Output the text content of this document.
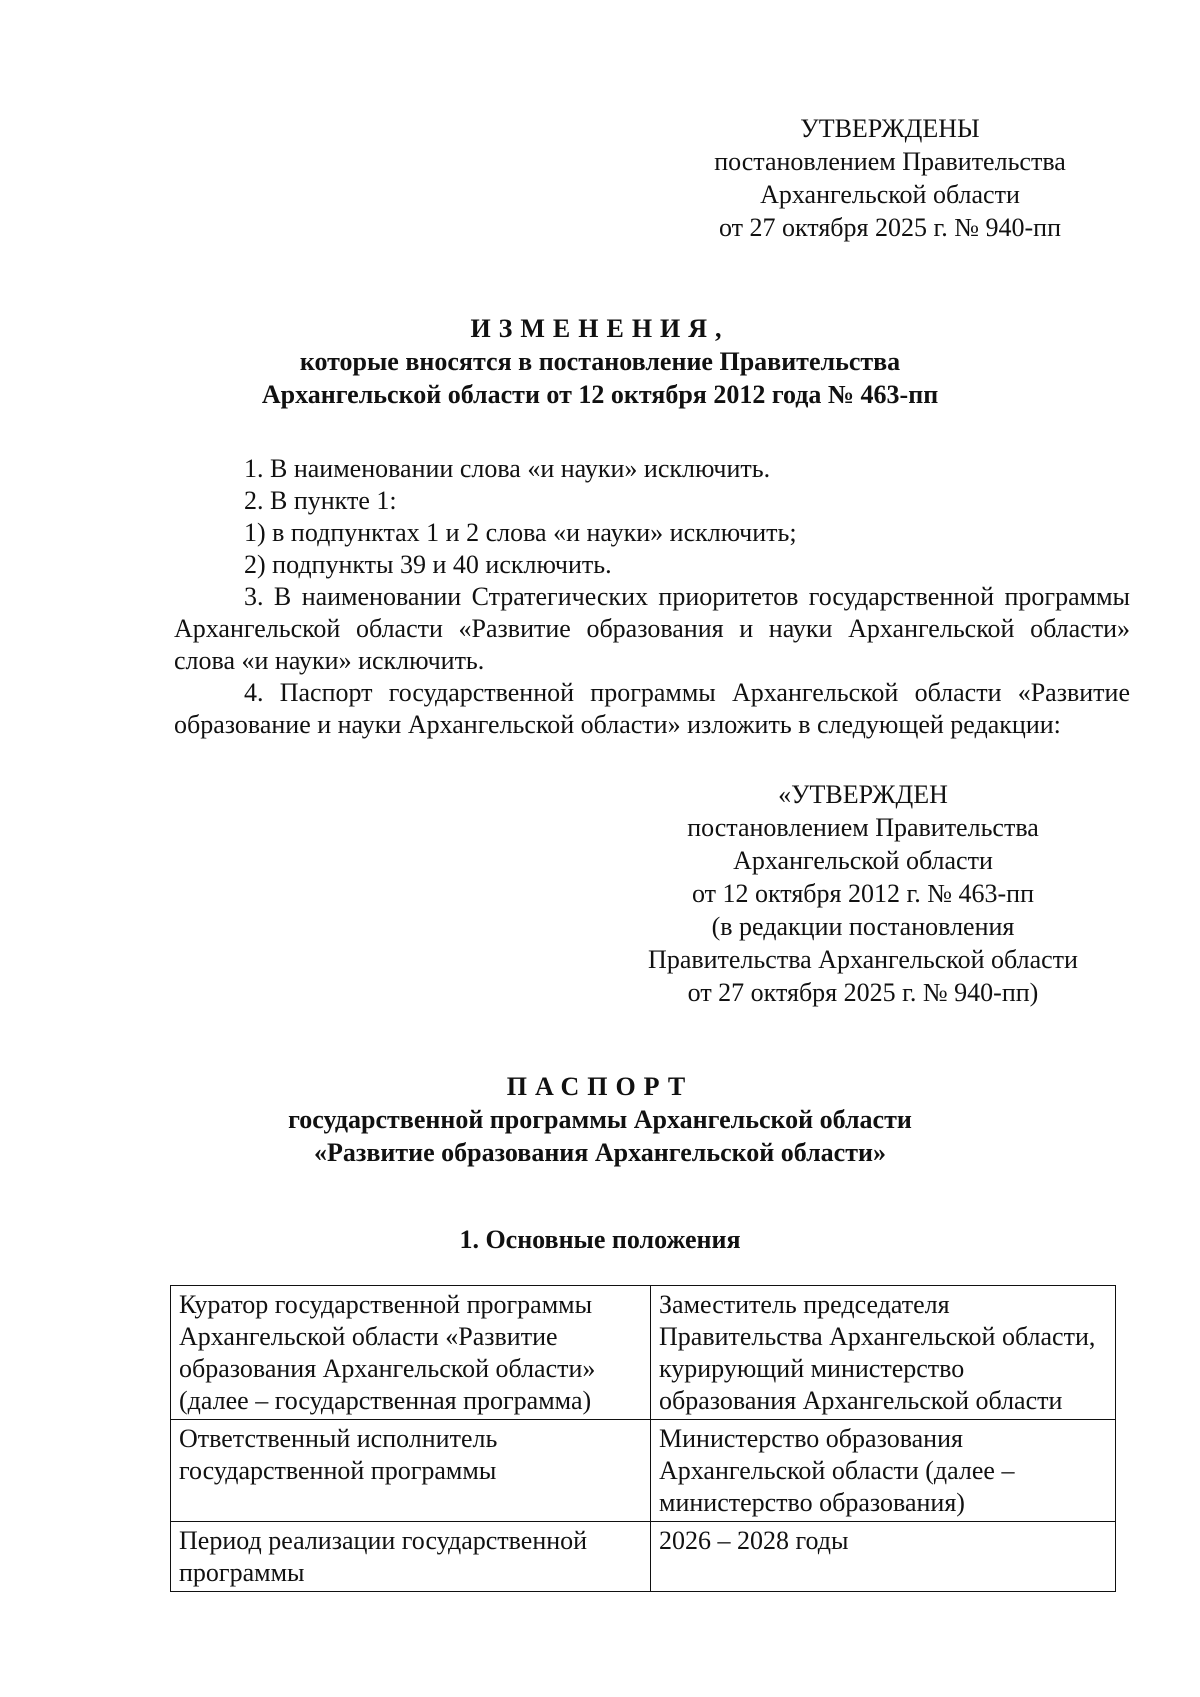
УТВЕРЖДЕНЫ
постановлением Правительства
Архангельской области
от 27 октября 2025 г. № 940-пп
ИЗМЕНЕНИЯ,
которые вносятся в постановление Правительства
Архангельской области от 12 октября 2012 года № 463-пп

1. В наименовании слова «и науки» исключить.

2. В пункте 1:

1) в подпунктах 1 и 2 слова «и науки» исключить;

2) подпункты 39 и 40 исключить.

3. В наименовании Стратегических приоритетов государственной программы Архангельской области «Развитие образования и науки Архангельской области» слова «и науки» исключить.

4. Паспорт государственной программы Архангельской области «Развитие образование и науки Архангельской области» изложить в следующей редакции:

«УТВЕРЖДЕН
постановлением Правительства
Архангельской области
от 12 октября 2012 г. № 463-пп
(в редакции постановления
Правительства Архангельской области
от 27 октября 2025 г. № 940-пп)
ПАСПОРТ
государственной программы Архангельской области
«Развитие образования Архангельской области»
1. Основные положения
Куратор государственной программы Архангельской области «Развитие образования Архангельской области» (далее – государственная программа)	Заместитель председателя Правительства Архангельской области, курирующий министерство образования Архангельской области
Ответственный исполнитель государственной программы	Министерство образования Архангельской области (далее – министерство образования)
Период реализации государственной программы	2026 – 2028 годы
